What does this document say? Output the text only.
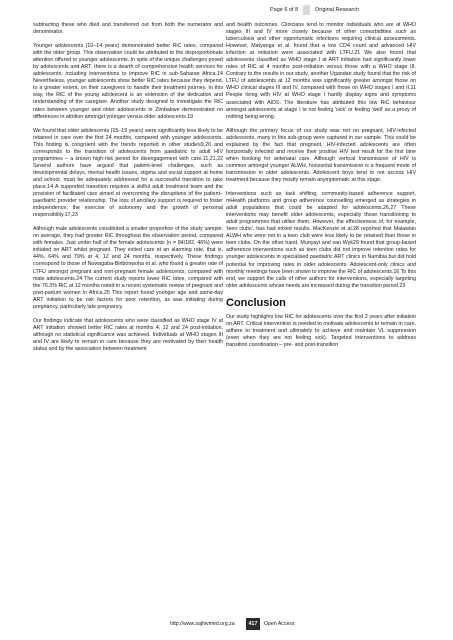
Page 6 of 8	Original Research

subtracting these who died and transferred out from both the numerator and denominator.

Younger adolescents (10–14 years) demonstrated better RiC rates, compared with the older group. This observation could be attributed to the disproportionate attention offered to younger adolescents. In spite of the unique challenges posed by adolescents and ART, there is a dearth of comprehensive health services for adolescents, including interventions to improve RiC in sub-Saharan Africa.14 Nevertheless, younger adolescents show better RiC rates because they depend, to a greater extent, on their caregivers to handle their treatment journey. In this way, the RiC of the young adolescent is an extension of the dedication and understanding of the caregiver. Another study designed to investigate the RiC rates between younger and older adolescents in Zimbabwe demonstrated no differences in attrition amongst younger versus older adolescents.19

We found that older adolescents (15–19 years) were significantly less likely to be retained in care over the first 24 months, compared with younger adolescents. This finding is congruent with the trends reported in other studies9,20 and corresponds to the transition of adolescents from paediatric to adult HIV programmes – a known high-risk period for disengagement with care.11,21,22 Several authors have argued that patient-level challenges, such as developmental delays, mental health issues, stigma and social support at home and school, must be adequately addressed for a successful transition to take place.14 A supported transition requires a skilful adult treatment team and the provision of facilitated care aimed at overcoming the disruptions of the patient–paediatric provider relationship. The loss of ancillary support is required to foster independence, the exercise of autonomy and the growth of personal responsibility.17,23

Although male adolescents constituted a smaller proportion of the study sample, on average, they had greater RiC throughout the observation period, compared with females. Just under half of the female adolescents (n = 84/182, 46%) were initiated on ART whilst pregnant. They exited care at an alarming rate, that is, 44%, 64% and 79% at 4, 12 and 24 months, respectively. These findings correspond to those of Nuwagaba-Biribonwoha et al. who found a greater rate of LTFU amongst pregnant and non-pregnant female adolescents, compared with male adolescents.24 The current study reports lower RiC rates, compared with the 76.3% RiC at 12 months noted in a recent systematic review of pregnant and post-partum women in Africa.25 This report found younger age and same-day ART initiation to be risk factors for poor retention, as was initiating during pregnancy, particularly late pregnancy.

Our findings indicate that adolescents who were classified as WHO stage IV at ART initiation showed better RiC rates at months 4, 12 and 24 post-initiation, although no statistical significance was achieved. Individuals at WHO stages III and IV are likely to remain in care because they are motivated by their health status and by the association between treatment

and health outcomes. Clinicians tend to monitor individuals who are at WHO stages III and IV more closely because of other comorbidities such as tuberculosis and other opportunistic infections requiring clinical assessments. However, Matyanga et al. found that a low CD4 count and advanced HIV infection at initiation were associated with LTFU.21 We also found that adolescents classified as WHO stage I at ART initiation had significantly lower rates of RiC at 4 months post-initiation versus those with a WHO stage III. Contrary to the results in our study, another Ugandan study found that the risk of LTFU of adolescents at 12 months was significantly greater amongst those on WHO clinical stages III and IV, compared with those on WHO stages I and II.11 People living with HIV at WHO stage I hardly display signs and symptoms associated with AIDS. The literature has attributed this low RiC behaviour amongst adolescents at stage I to not feeling 'sick' or feeling 'well' as a proxy of nothing being wrong.

Although the primary focus of our study was not on pregnant, HIV-infected adolescents, many in this sub-group were captured in our sample. This could be explained by the fact that pregnant, HIV-infected adolescents are often horizontally infected and receive their positive HIV test result for the first time when booking for antenatal care. Although vertical transmission of HIV is common amongst younger ALWH, horizontal transmission is a frequent mode of transmission in older adolescents. Adolescent boys tend to not access HIV treatment because they mostly remain asymptomatic at this stage.

Interventions such as task shifting, community-based adherence support, mHealth platforms and group adherence counselling emerged as strategies in adult populations that could be adapted for adolescents.26,27 These interventions may benefit older adolescents, especially those transitioning to adult programmes that utilise them. However, the effectiveness of, for example, 'teen clubs', has had mixed results. MacKenzie et al.28 reported that Malawian ALWH who were not in a teen club were less likely to be retained than those in teen clubs. On the other hand, Munyayi and van Wyk29 found that group-based adherence interventions such as teen clubs did not improve retention rates for younger adolescents in specialised paediatric ART clinics in Namibia but did hold potential for improving rates in older adolescents. Adolescent-only clinics and monthly meetings have been shown to improve the RiC of adolescents.16 To this end, we support the calls of other authors for interventions, especially targeting older adolescents whose needs are increased during the transition period.23

Conclusion

Our study highlights low RiC for adolescents over the first 2 years after initiation on ART. Critical intervention is needed to motivate adolescents to remain in care, adhere to treatment and ultimately to achieve and maintain VL suppression (even when they are not feeling sick). Targeted interventions to address transition coordination – pre- and post-transition

http://www.sajhivmed.org.za	417	Open Access
